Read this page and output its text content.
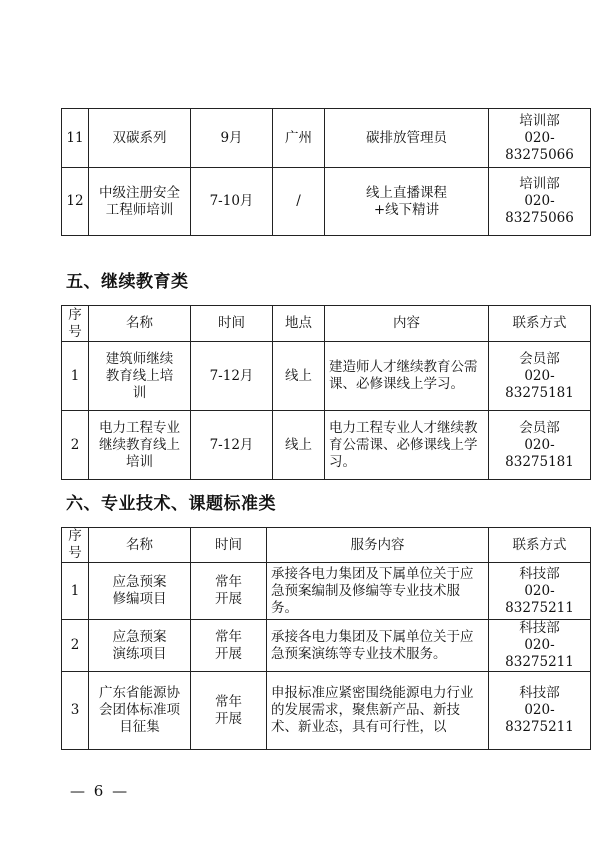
11	双碳系列	9月	广州	碳排放管理员	培训部
020-83275066

12	中级注册安全工程师培训	7-10月	/	线上直播课程+线下精讲	培训部
020-83275066
五、继续教育类
序号	名称	时间	地点	内容	联系方式
1	建筑师继续教育线上培训	7-12月	线上	建造师人才继续教育公需课、必修课线上学习。	会员部
020-83275181

2	电力工程专业继续教育线上培训	7-12月	线上	电力工程专业人才继续教育公需课、必修课线上学习。	会员部
020-83275181
六、专业技术、课题标准类
序号	名称	时间	服务内容	联系方式
1	应急预案修编项目	常年开展	承接各电力集团及下属单位关于应急预案编制及修编等专业技术服务。	科技部
020-83275211

2	应急预案演练项目	常年开展	承接各电力集团及下属单位关于应急预案演练等专业技术服务。	科技部
020-83275211

3	广东省能源协会团体标准项目征集	常年开展	申报标准应紧密围绕能源电力行业的发展需求，聚焦新产品、新技术、新业态，具有可行性，以	科技部
020-83275211
— 6 —
